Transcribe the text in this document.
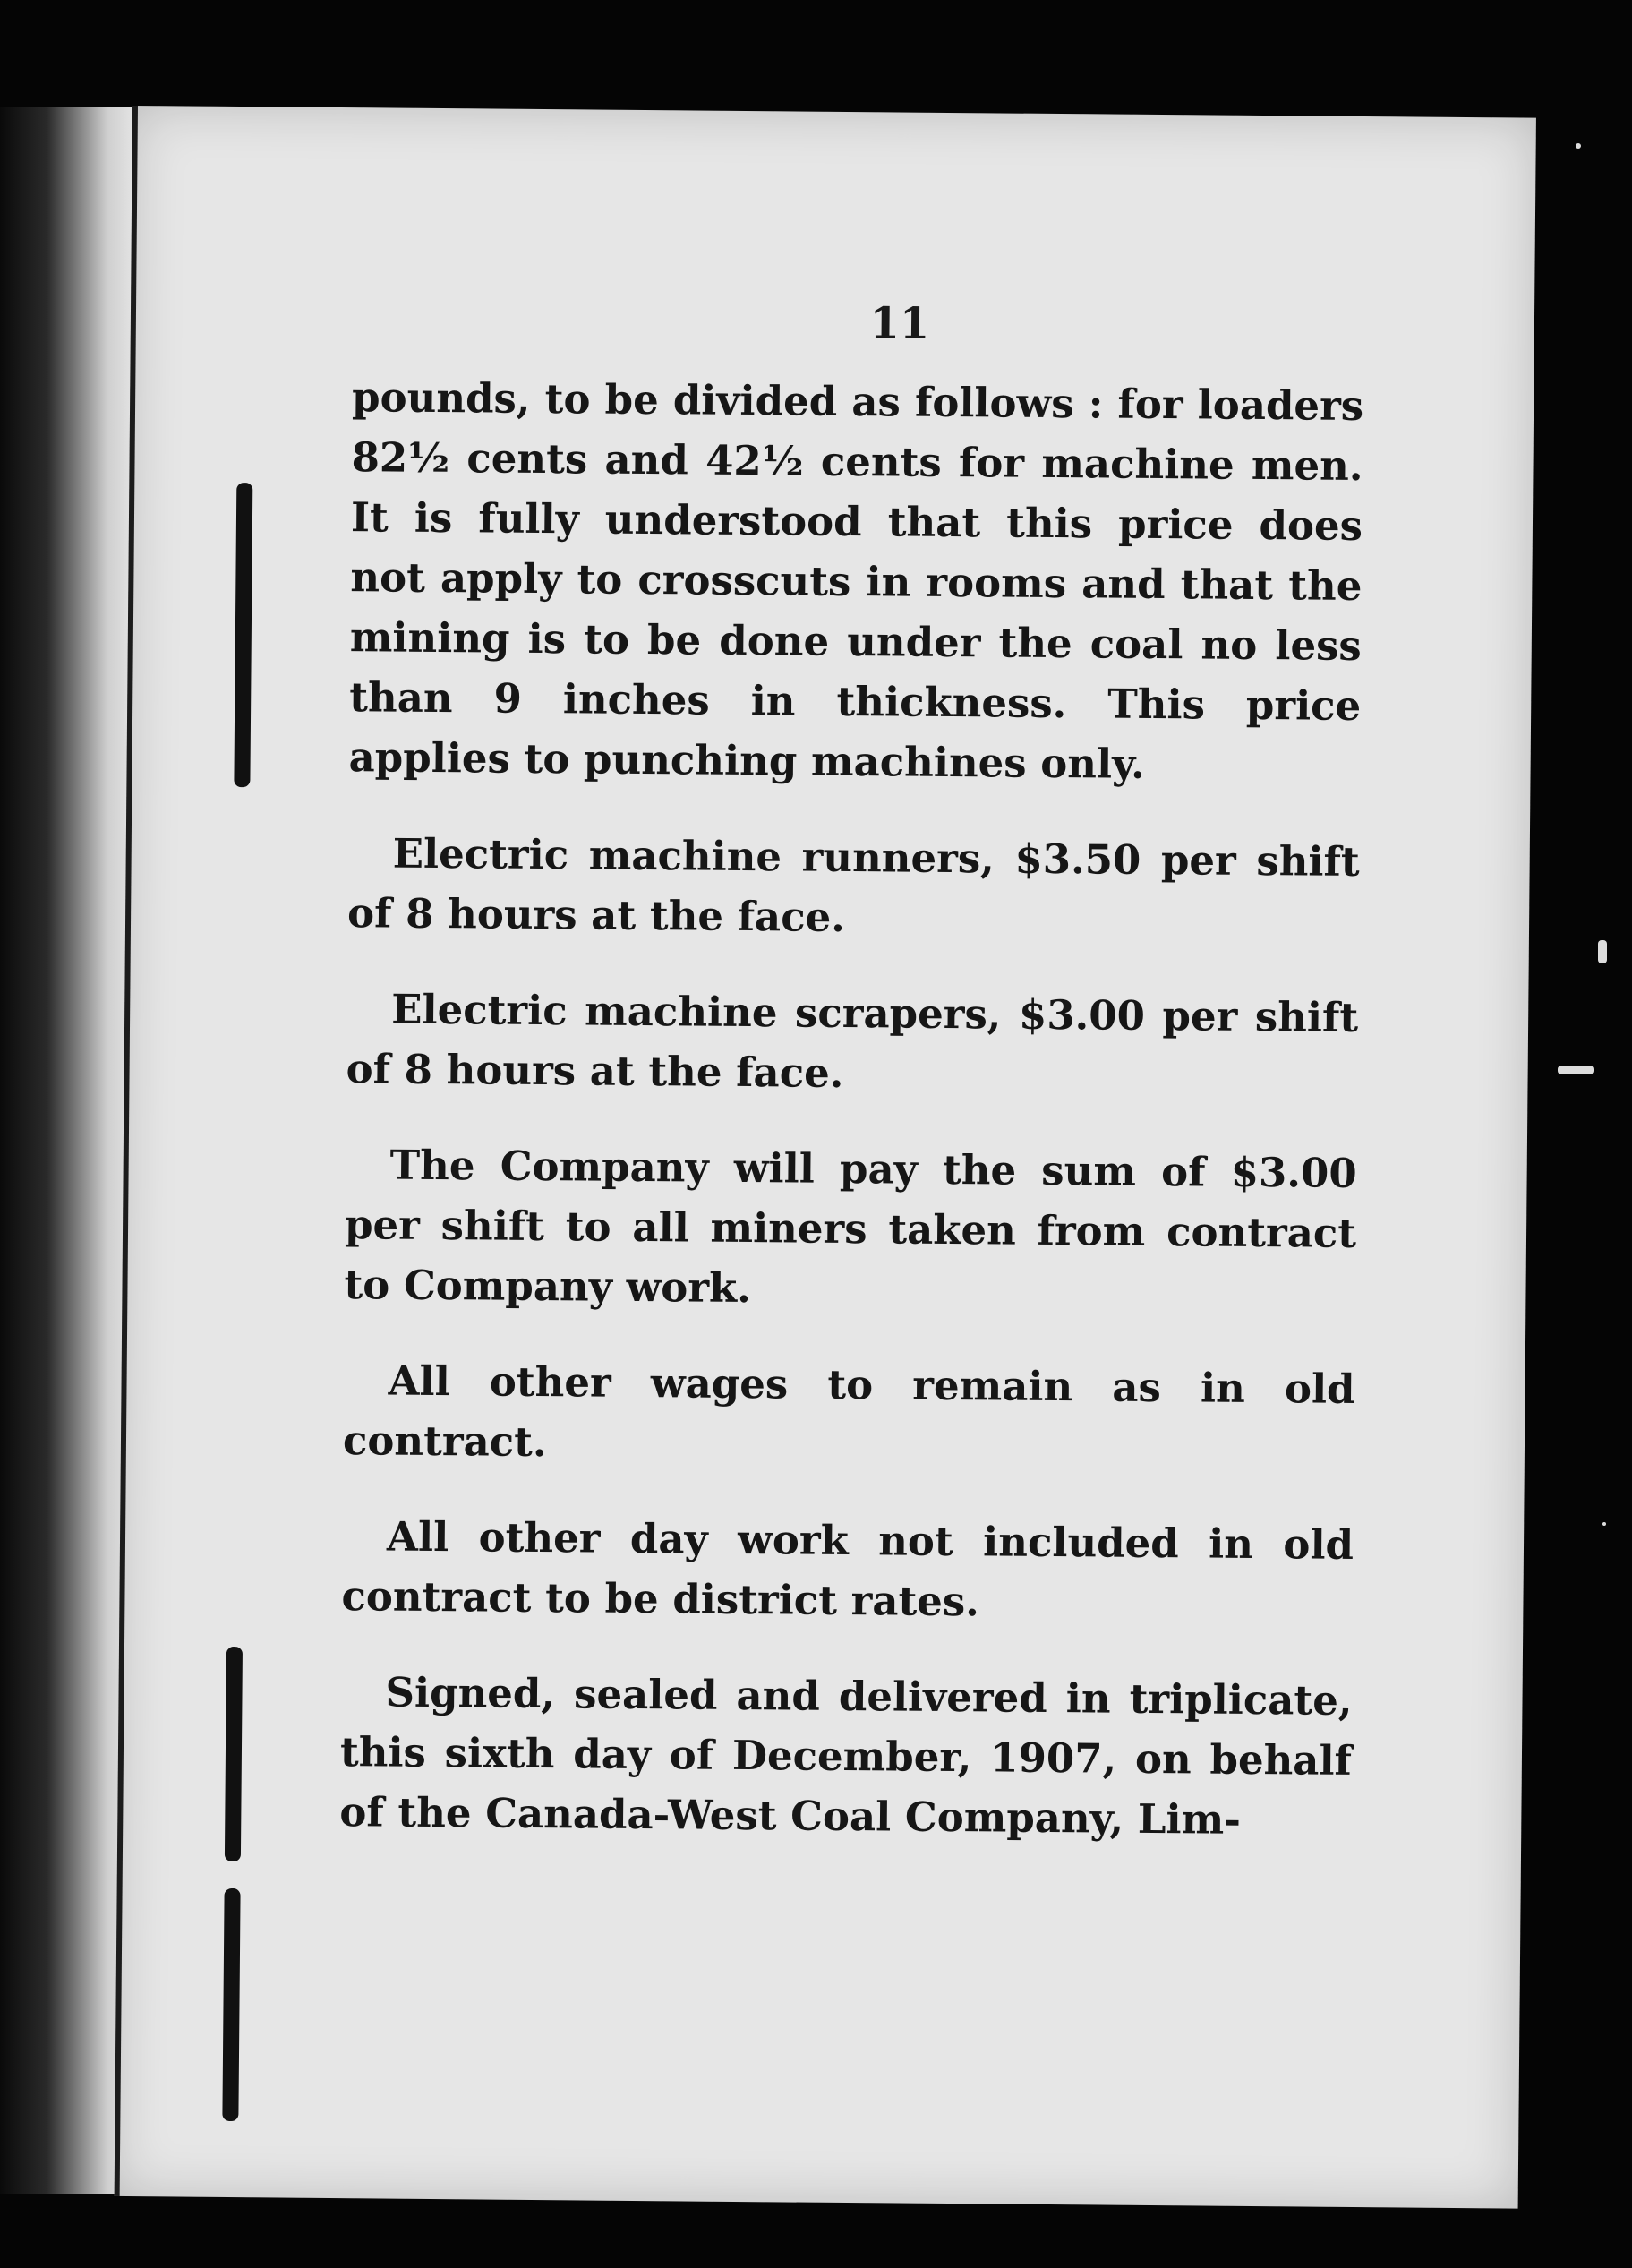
11

pounds, to be divided as follows : for loaders 82½ cents and 42½ cents for machine men. It is fully understood that this price does not apply to crosscuts in rooms and that the mining is to be done under the coal no less than 9 inches in thickness. This price applies to punching machines only.

Electric machine runners, $3.50 per shift of 8 hours at the face.

Electric machine scrapers, $3.00 per shift of 8 hours at the face.

The Company will pay the sum of $3.00 per shift to all miners taken from contract to Company work.

All other wages to remain as in old contract.

All other day work not included in old contract to be district rates.

Signed, sealed and delivered in triplicate, this sixth day of December, 1907, on behalf of the Canada-West Coal Company, Lim-
